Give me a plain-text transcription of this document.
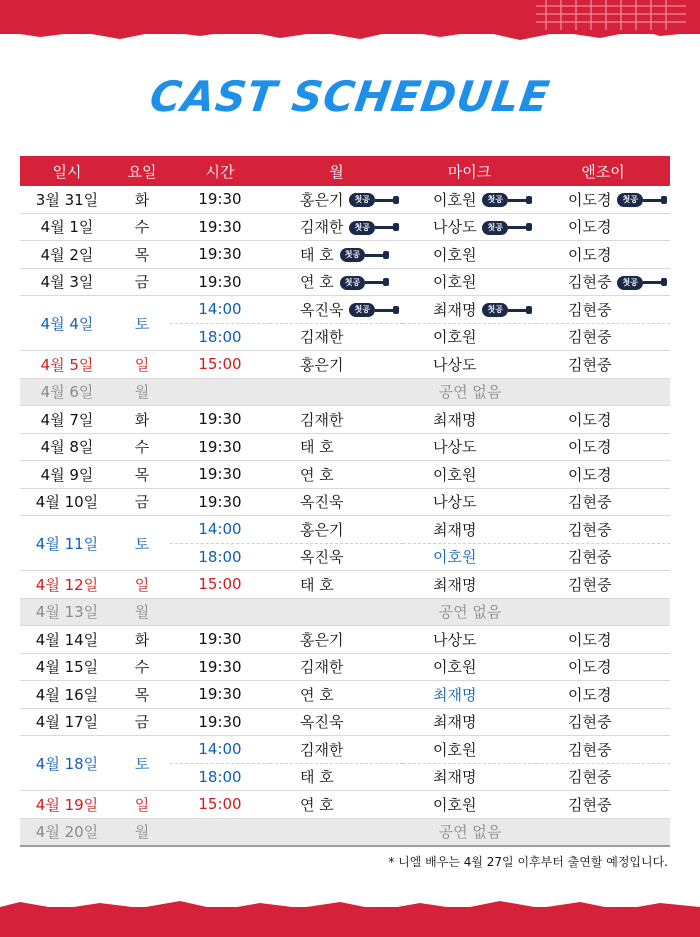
CAST SCHEDULE
일시	요일	시간	월	마이크	앤조이
3월 31일	화	19:30	홍은기 첫공	이호원 첫공	이도경 첫공

4월 1일	수	19:30	김재한 첫공	나상도 첫공	이도경
4월 2일	목	19:30	태 호 첫공	이호원	이도경
4월 3일	금	19:30	연 호 첫공	이호원	김현중 첫공

4월 4일	토	14:00	옥진욱 첫공	최재명 첫공	김현중
		18:00	김재한	이호원	김현중
4월 5일	일	15:00	홍은기	나상도	김현중
4월 6일	월		공연 없음		
4월 7일	화	19:30	김재한	최재명	이도경
4월 8일	수	19:30	태 호	나상도	이도경
4월 9일	목	19:30	연 호	이호원	이도경
4월 10일	금	19:30	옥진욱	나상도	김현중
4월 11일	토	14:00	홍은기	최재명	김현중
		18:00	옥진욱	이호원	김현중
4월 12일	일	15:00	태 호	최재명	김현중
4월 13일	월		공연 없음		
4월 14일	화	19:30	홍은기	나상도	이도경
4월 15일	수	19:30	김재한	이호원	이도경
4월 16일	목	19:30	연 호	최재명	이도경
4월 17일	금	19:30	옥진욱	최재명	김현중
4월 18일	토	14:00	김재한	이호원	김현중
		18:00	태 호	최재명	김현중
4월 19일	일	15:00	연 호	이호원	김현중
4월 20일	월		공연 없음		
* 니엘 배우는 4월 27일 이후부터 출연할 예정입니다.
